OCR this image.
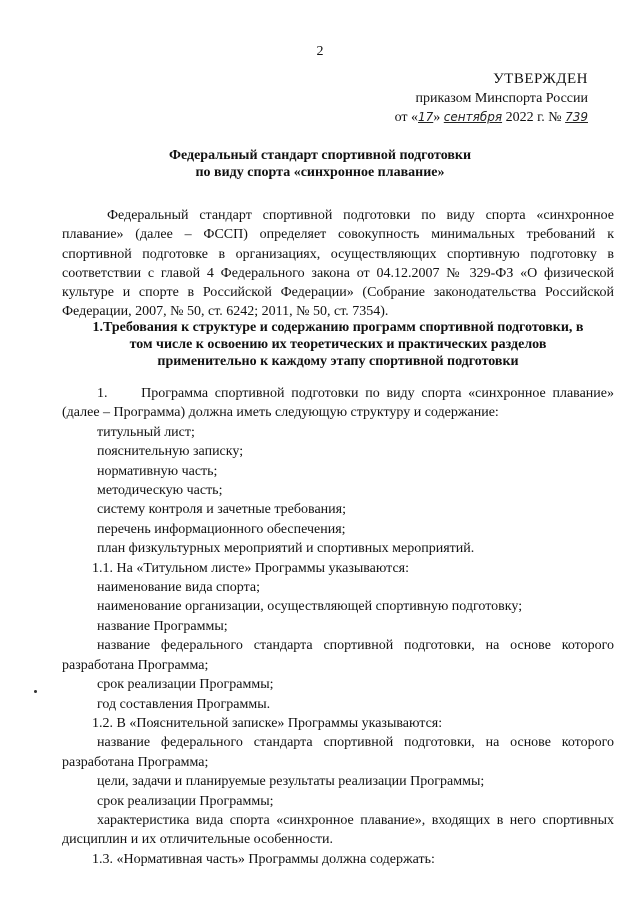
2
УТВЕРЖДЕН
приказом Минспорта России
от «17» сентября 2022 г. № 739
Федеральный стандарт спортивной подготовки
по виду спорта «синхронное плавание»

Федеральный стандарт спортивной подготовки по виду спорта «синхронное плавание» (далее – ФССП) определяет совокупность минимальных требований к спортивной подготовке в организациях, осуществляющих спортивную подготовку в соответствии с главой 4 Федерального закона от 04.12.2007 № 329-ФЗ «О физической культуре и спорте в Российской Федерации» (Собрание законодательства Российской Федерации, 2007, № 50, ст. 6242; 2011, № 50, ст. 7354).

1.Требования к структуре и содержанию программ спортивной подготовки, в
том числе к освоению их теоретических и практических разделов
применительно к каждому этапу спортивной подготовки

1. Программа спортивной подготовки по виду спорта «синхронное плавание» (далее – Программа) должна иметь следующую структуру и содержание:

титульный лист;

пояснительную записку;

нормативную часть;

методическую часть;

систему контроля и зачетные требования;

перечень информационного обеспечения;

план физкультурных мероприятий и спортивных мероприятий.

1.1. На «Титульном листе» Программы указываются:

наименование вида спорта;

наименование организации, осуществляющей спортивную подготовку;

название Программы;

название федерального стандарта спортивной подготовки, на основе которого разработана Программа;

срок реализации Программы;

год составления Программы.

1.2. В «Пояснительной записке» Программы указываются:

название федерального стандарта спортивной подготовки, на основе которого разработана Программа;

цели, задачи и планируемые результаты реализации Программы;

срок реализации Программы;

характеристика вида спорта «синхронное плавание», входящих в него спортивных дисциплин и их отличительные особенности.

1.3. «Нормативная часть» Программы должна содержать:
